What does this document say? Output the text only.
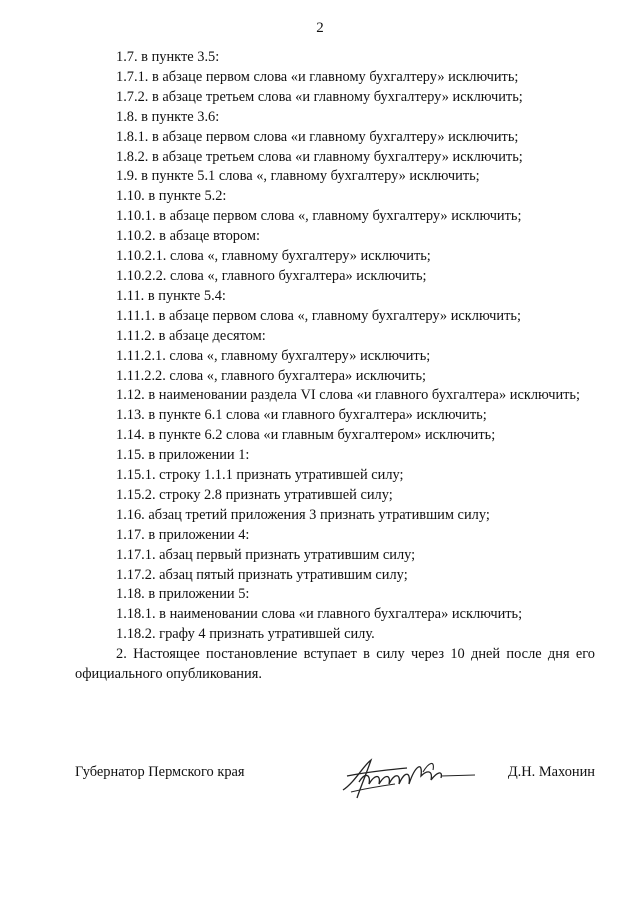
2
1.7. в пункте 3.5:
1.7.1. в абзаце первом слова «и главному бухгалтеру» исключить;
1.7.2. в абзаце третьем слова «и главному бухгалтеру» исключить;
1.8. в пункте 3.6:
1.8.1. в абзаце первом слова «и главному бухгалтеру» исключить;
1.8.2. в абзаце третьем слова «и главному бухгалтеру» исключить;
1.9. в пункте 5.1 слова «, главному бухгалтеру» исключить;
1.10. в пункте 5.2:
1.10.1. в абзаце первом слова «, главному бухгалтеру» исключить;
1.10.2. в абзаце втором:
1.10.2.1. слова «, главному бухгалтеру» исключить;
1.10.2.2. слова «, главного бухгалтера» исключить;
1.11. в пункте 5.4:
1.11.1. в абзаце первом слова «, главному бухгалтеру» исключить;
1.11.2. в абзаце десятом:
1.11.2.1. слова «, главному бухгалтеру» исключить;
1.11.2.2. слова «, главного бухгалтера» исключить;
1.12. в наименовании раздела VI слова «и главного бухгалтера» исключить;
1.13. в пункте 6.1 слова «и главного бухгалтера» исключить;
1.14. в пункте 6.2 слова «и главным бухгалтером» исключить;
1.15. в приложении 1:
1.15.1. строку 1.1.1 признать утратившей силу;
1.15.2. строку 2.8 признать утратившей силу;
1.16. абзац третий приложения 3 признать утратившим силу;
1.17. в приложении 4:
1.17.1. абзац первый признать утратившим силу;
1.17.2. абзац пятый признать утратившим силу;
1.18. в приложении 5:
1.18.1. в наименовании слова «и главного бухгалтера» исключить;
1.18.2. графу 4 признать утратившей силу.
2. Настоящее постановление вступает в силу через 10 дней после дня его официального опубликования.
Губернатор Пермского края	Д.Н. Махонин
